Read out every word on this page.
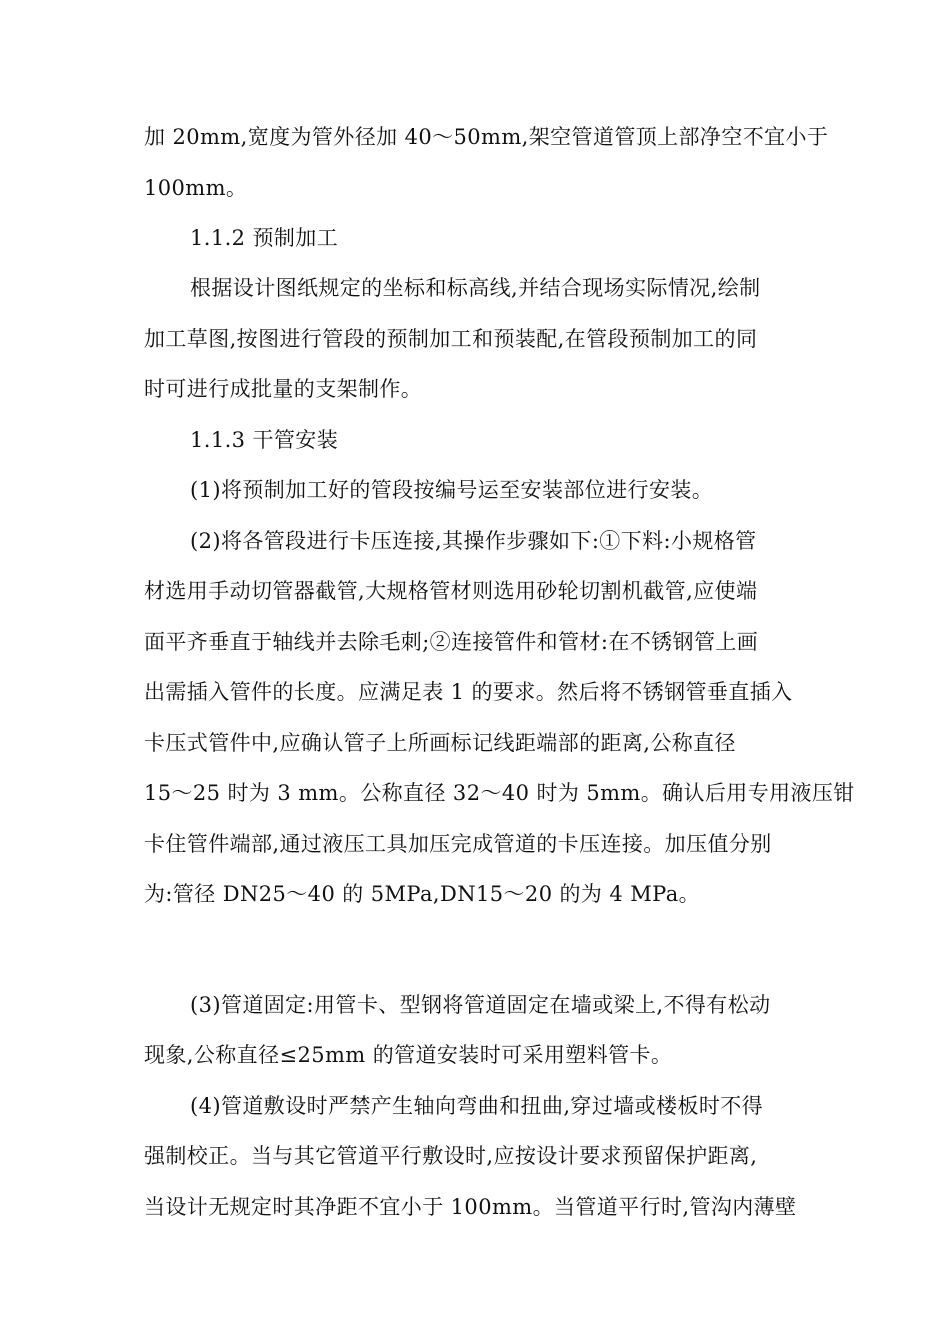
加 20mm,宽度为管外径加 40～50mm,架空管道管顶上部净空不宜小于
100mm。
1.1.2 预制加工
根据设计图纸规定的坐标和标高线,并结合现场实际情况,绘制
加工草图,按图进行管段的预制加工和预装配,在管段预制加工的同
时可进行成批量的支架制作。
1.1.3 干管安装
(1)将预制加工好的管段按编号运至安装部位进行安装。
(2)将各管段进行卡压连接,其操作步骤如下:①下料:小规格管
材选用手动切管器截管,大规格管材则选用砂轮切割机截管,应使端
面平齐垂直于轴线并去除毛刺;②连接管件和管材:在不锈钢管上画
出需插入管件的长度。应满足表 1 的要求。然后将不锈钢管垂直插入
卡压式管件中,应确认管子上所画标记线距端部的距离,公称直径
15～25 时为 3 mm。公称直径 32～40 时为 5mm。确认后用专用液压钳
卡住管件端部,通过液压工具加压完成管道的卡压连接。加压值分别
为:管径 DN25～40 的 5MPa,DN15～20 的为 4 MPa。
(3)管道固定:用管卡、型钢将管道固定在墙或梁上,不得有松动
现象,公称直径≤25mm 的管道安装时可采用塑料管卡。
(4)管道敷设时严禁产生轴向弯曲和扭曲,穿过墙或楼板时不得
强制校正。当与其它管道平行敷设时,应按设计要求预留保护距离,
当设计无规定时其净距不宜小于 100mm。当管道平行时,管沟内薄壁
